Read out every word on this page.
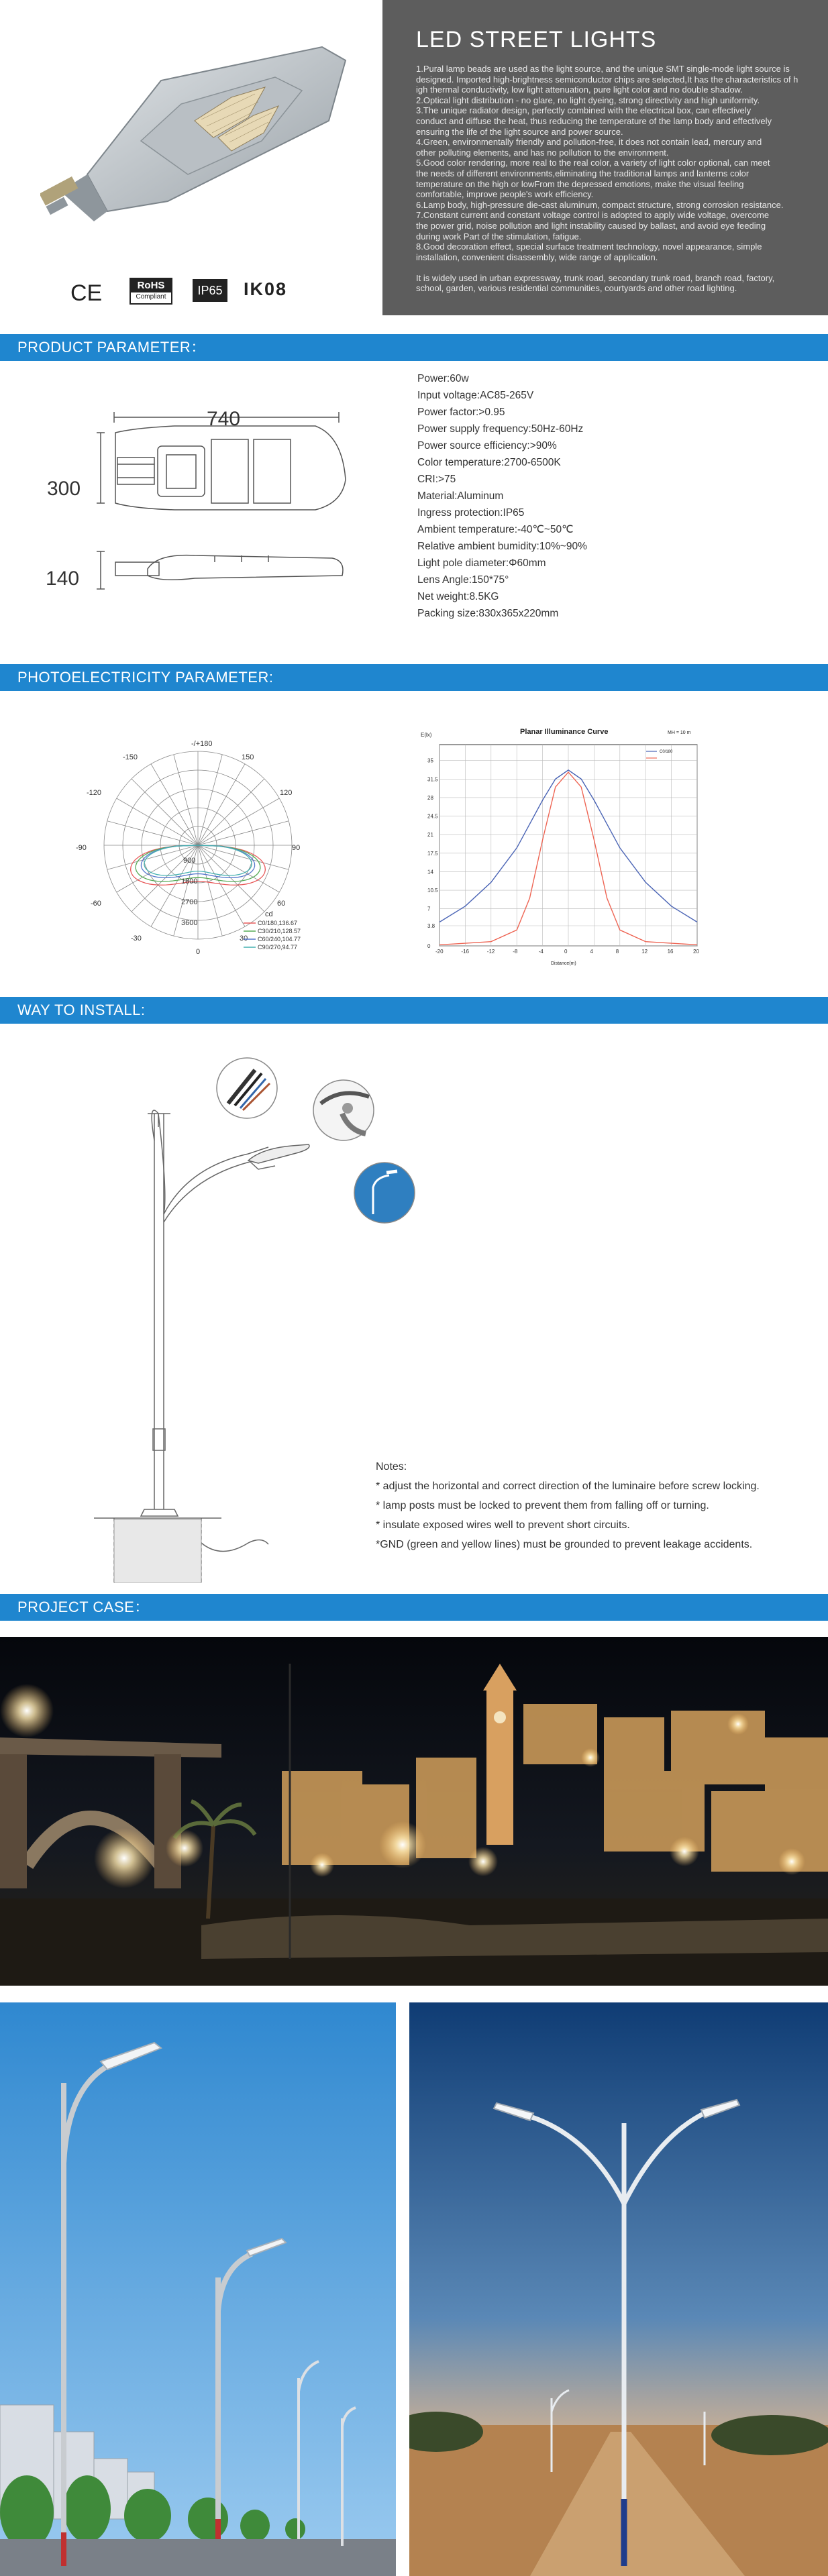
CE	RoHS
Compliant	IP65 IK08
LED STREET LIGHTS
1.Pural lamp beads are used as the light source, and the unique SMT single-mode light source is
designed. Imported high-brightness semiconductor chips are selected,It has the characteristics of h
igh thermal conductivity, low light attenuation, pure light color and no double shadow.
2.Optical light distribution - no glare, no light dyeing, strong directivity and high uniformity.
3.The unique radiator design, perfectly combined with the electrical box, can effectively
conduct and diffuse the heat, thus reducing the temperature of the lamp body and effectively
ensuring the life of the light source and power source.
4.Green, environmentally friendly and pollution-free, it does not contain lead, mercury and
other polluting elements, and has no pollution to the environment.
5.Good color rendering, more real to the real color, a variety of light color optional, can meet
the needs of different environments,eliminating the traditional lamps and lanterns color
temperature on the high or lowFrom the depressed emotions, make the visual feeling
comfortable, improve people's work efficiency.
6.Lamp body, high-pressure die-cast aluminum, compact structure, strong corrosion resistance.
7.Constant current and constant voltage control is adopted to apply wide voltage, overcome
the power grid, noise pollution and light instability caused by ballast, and avoid eye feeding
during work Part of the stimulation, fatigue.
8.Good decoration effect, special surface treatment technology, novel appearance, simple
installation, convenient disassembly, wide range of application.
It is widely used in urban expressway, trunk road, secondary trunk road, branch road, factory,
school, garden, various residential communities, courtyards and other road lighting.
PRODUCT PARAMETER：
740
300
140
Power:60w
Input voltage:AC85-265V
Power factor:>0.95
Power supply frequency:50Hz-60Hz
Power source efficiency:>90%
Color temperature:2700-6500K
CRI:>75
Material:Aluminum
Ingress protection:IP65
Ambient temperature:-40℃~50℃
Relative ambient bumidity:10%~90%
Light pole diameter:Φ60mm
Lens Angle:150*75°
Net weight:8.5KG
Packing size:830x365x220mm
PHOTOELECTRICITY PARAMETER:
-/+180
150
120
90
60
30
0
-30
-60
-90
-120
-150
900
1800
2700
3600
cd
C0/180,136.67
C30/210,128.57
C60/240,104.77
C90/270,94.77
-20	-16	-12	-8	-4	0	4	8	12	16	20
0
3.8
7
10.5
14
17.5
21
24.5
28
31.5
35
Planar Illuminance Curve	MH = 10 m
E(lx)
Distance(m)
C0/180
WAY TO INSTALL:
Notes:
* adjust the horizontal and correct direction of the luminaire before screw locking.
* lamp posts must be locked to prevent them from falling off or turning.
* insulate exposed wires well to prevent short circuits.
*GND (green and yellow lines) must be grounded to prevent leakage accidents.
PROJECT CASE：
